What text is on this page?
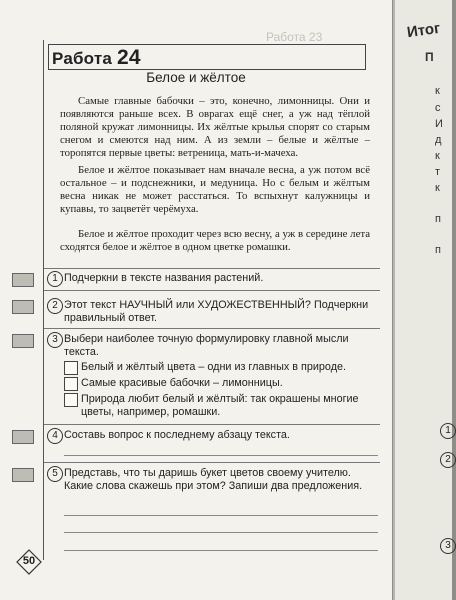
Работа 23
Работа 24
Белое и жёлтое

Самые главные бабочки – это, конечно, лимонницы. Они и появляются раньше всех. В оврагах ещё снег, а уж над тёплой поляной кружат лимонницы. Их жёлтые крылья спорят со старым снегом и смеются над ним. А из земли – белые и жёлтые – торопятся первые цветы: ветреница, мать-и-мачеха.

Белое и жёлтое показывает нам вначале весна, а уж потом всё остальное – и подснежники, и медуница. Но с белым и жёлтым весна никак не может расстаться. То вспыхнут калужницы и купавы, то зацветёт черёмуха.

Белое и жёлтое проходит через всю весну, а уж в середине лета сходятся белое и жёлтое в одном цветке ромашки.

1 Подчеркни в тексте названия растений.

2 Этот текст НАУЧНЫЙ или ХУДОЖЕСТВЕННЫЙ? Подчеркни правильный ответ.

3 Выбери наиболее точную формулировку главной мысли текста.

Белый и жёлтый цвета – одни из главных в природе.

Самые красивые бабочки – лимонницы.

Природа любит белый и жёлтый: так окрашены многие цветы, например, ромашки.

4 Составь вопрос к последнему абзацу текста.

5 Представь, что ты даришь букет цветов своему учителю. Какие слова скажешь при этом? Запиши два предложения.

50
Итог
П
к
с
И
д
к
т
к
п
п
1
2
3
